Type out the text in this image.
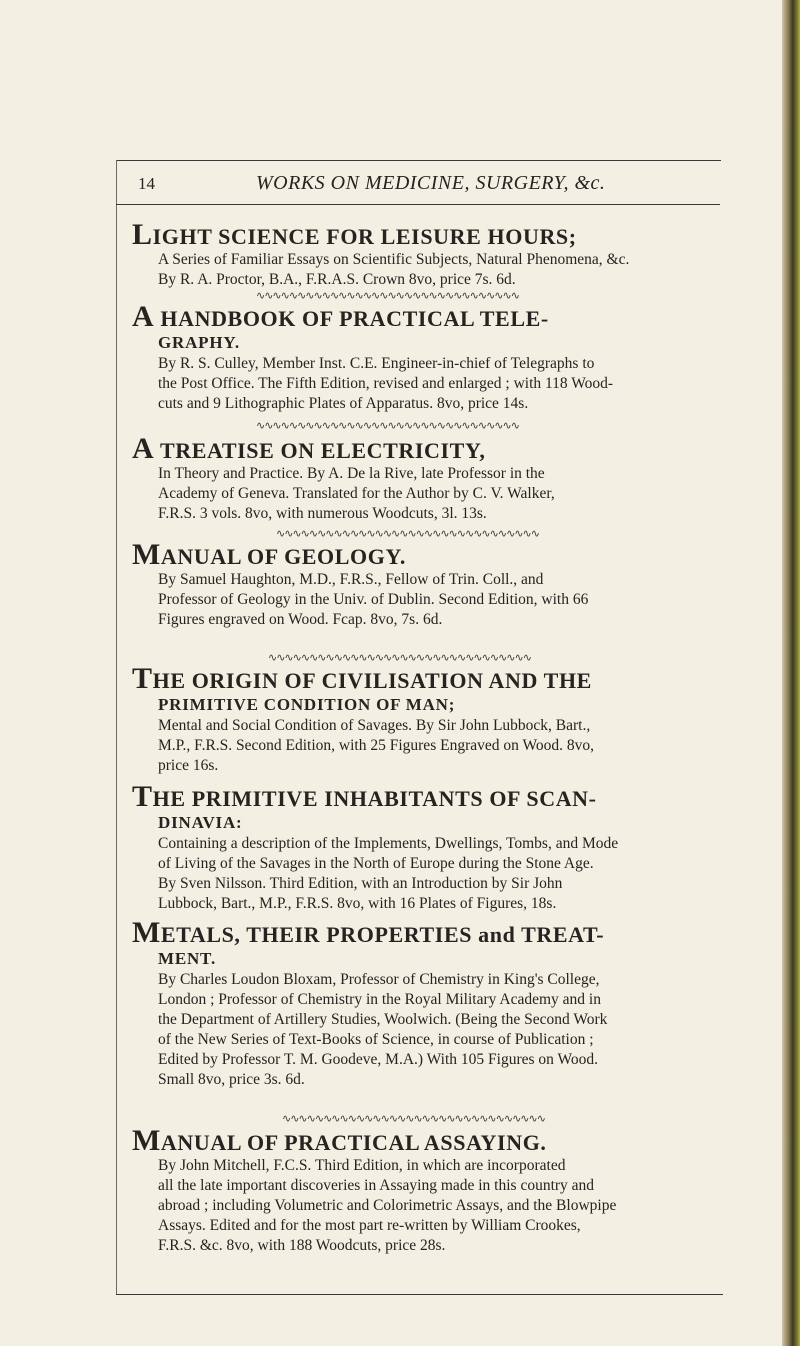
14	WORKS ON MEDICINE, SURGERY, &c.
LIGHT SCIENCE FOR LEISURE HOURS;
A Series of Familiar Essays on Scientific Subjects, Natural Phenomena, &c.
By R. A. Proctor, B.A., F.R.A.S. Crown 8vo, price 7s. 6d.
∿∿∿∿∿∿∿∿∿∿∿∿∿∿∿∿∿∿∿∿∿∿∿∿∿∿∿∿∿∿∿∿
A HANDBOOK OF PRACTICAL TELE-
GRAPHY.
By R. S. Culley, Member Inst. C.E. Engineer-in-chief of Telegraphs to
the Post Office. The Fifth Edition, revised and enlarged ; with 118 Wood-
cuts and 9 Lithographic Plates of Apparatus. 8vo, price 14s.
∿∿∿∿∿∿∿∿∿∿∿∿∿∿∿∿∿∿∿∿∿∿∿∿∿∿∿∿∿∿∿∿
A TREATISE ON ELECTRICITY,
In Theory and Practice. By A. De la Rive, late Professor in the
Academy of Geneva. Translated for the Author by C. V. Walker,
F.R.S. 3 vols. 8vo, with numerous Woodcuts, 3l. 13s.
∿∿∿∿∿∿∿∿∿∿∿∿∿∿∿∿∿∿∿∿∿∿∿∿∿∿∿∿∿∿∿∿
MANUAL OF GEOLOGY.
By Samuel Haughton, M.D., F.R.S., Fellow of Trin. Coll., and
Professor of Geology in the Univ. of Dublin. Second Edition, with 66
Figures engraved on Wood. Fcap. 8vo, 7s. 6d.
∿∿∿∿∿∿∿∿∿∿∿∿∿∿∿∿∿∿∿∿∿∿∿∿∿∿∿∿∿∿∿∿
THE ORIGIN OF CIVILISATION AND THE
PRIMITIVE CONDITION OF MAN;
Mental and Social Condition of Savages. By Sir John Lubbock, Bart.,
M.P., F.R.S. Second Edition, with 25 Figures Engraved on Wood. 8vo,
price 16s.
THE PRIMITIVE INHABITANTS OF SCAN-
DINAVIA:
Containing a description of the Implements, Dwellings, Tombs, and Mode
of Living of the Savages in the North of Europe during the Stone Age.
By Sven Nilsson. Third Edition, with an Introduction by Sir John
Lubbock, Bart., M.P., F.R.S. 8vo, with 16 Plates of Figures, 18s.
METALS, THEIR PROPERTIES and TREAT-
MENT.
By Charles Loudon Bloxam, Professor of Chemistry in King's College,
London ; Professor of Chemistry in the Royal Military Academy and in
the Department of Artillery Studies, Woolwich. (Being the Second Work
of the New Series of Text-Books of Science, in course of Publication ;
Edited by Professor T. M. Goodeve, M.A.) With 105 Figures on Wood.
Small 8vo, price 3s. 6d.
∿∿∿∿∿∿∿∿∿∿∿∿∿∿∿∿∿∿∿∿∿∿∿∿∿∿∿∿∿∿∿∿
MANUAL OF PRACTICAL ASSAYING.
By John Mitchell, F.C.S. Third Edition, in which are incorporated
all the late important discoveries in Assaying made in this country and
abroad ; including Volumetric and Colorimetric Assays, and the Blowpipe
Assays. Edited and for the most part re-written by William Crookes,
F.R.S. &c. 8vo, with 188 Woodcuts, price 28s.
